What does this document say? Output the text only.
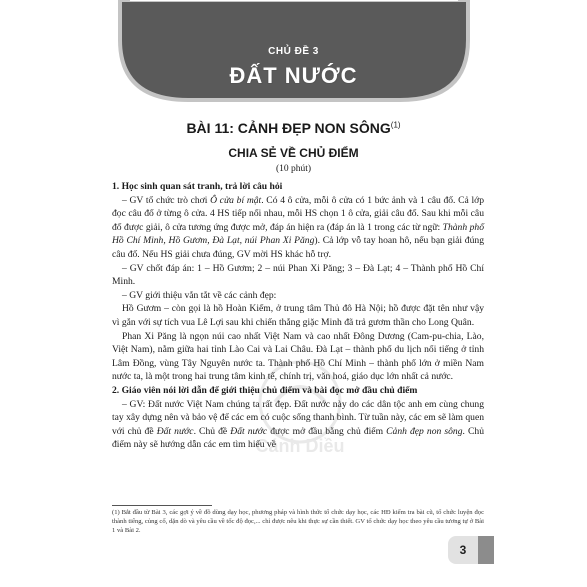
CHỦ ĐỀ 3
ĐẤT NƯỚC
BÀI 11: CẢNH ĐẸP NON SÔNG$^{(1)}$
CHIA SẺ VỀ CHỦ ĐIỂM
(10 phút)
Cánh Diều

1. Học sinh quan sát tranh, trả lời câu hỏi

– GV tổ chức trò chơi Ô cửa bí mật. Có 4 ô cửa, mỗi ô cửa có 1 bức ảnh và 1 câu đố. Cả lớp đọc câu đố ở từng ô cửa. 4 HS tiếp nối nhau, mỗi HS chọn 1 ô cửa, giải câu đố. Sau khi mỗi câu đố được giải, ô cửa tương ứng được mở, đáp án hiện ra (đáp án là 1 trong các từ ngữ: Thành phố Hồ Chí Minh, Hồ Gươm, Đà Lạt, núi Phan Xi Păng). Cả lớp vỗ tay hoan hô, nếu bạn giải đúng câu đố. Nếu HS giải chưa đúng, GV mời HS khác hỗ trợ.

– GV chốt đáp án: 1 – Hồ Gươm; 2 – núi Phan Xi Păng; 3 – Đà Lạt; 4 – Thành phố Hồ Chí Minh.

– GV giới thiệu vắn tắt về các cảnh đẹp:

Hồ Gươm – còn gọi là hồ Hoàn Kiếm, ở trung tâm Thủ đô Hà Nội; hồ được đặt tên như vậy vì gắn với sự tích vua Lê Lợi sau khi chiến thắng giặc Minh đã trả gươm thần cho Long Quân.

Phan Xi Păng là ngọn núi cao nhất Việt Nam và cao nhất Đông Dương (Cam-pu-chia, Lào, Việt Nam), nằm giữa hai tỉnh Lào Cai và Lai Châu. Đà Lạt – thành phố du lịch nổi tiếng ở tỉnh Lâm Đồng, vùng Tây Nguyên nước ta. Thành phố Hồ Chí Minh – thành phố lớn ở miền Nam nước ta, là một trong hai trung tâm kinh tế, chính trị, văn hoá, giáo dục lớn nhất cả nước.

2. Giáo viên nói lời dẫn để giới thiệu chủ điểm và bài đọc mở đầu chủ điểm

– GV: Đất nước Việt Nam chúng ta rất đẹp. Đất nước này do các dân tộc anh em cùng chung tay xây dựng nên và bảo vệ để các em có cuộc sống thanh bình. Từ tuần này, các em sẽ làm quen với chủ đề Đất nước. Chủ đề Đất nước được mở đầu bằng chủ điểm Cảnh đẹp non sông. Chủ điểm này sẽ hướng dẫn các em tìm hiểu về

(1) Bắt đầu từ Bài 3, các gợi ý về đồ dùng dạy học, phương pháp và hình thức tổ chức dạy học, các HĐ kiểm tra bài cũ, tổ chức luyện đọc thành tiếng, củng cố, dặn dò và yêu cầu về tốc độ đọc,... chỉ được nêu khi thực sự cần thiết. GV tổ chức dạy học theo yêu cầu tương tự ở Bài 1 và Bài 2.
3
